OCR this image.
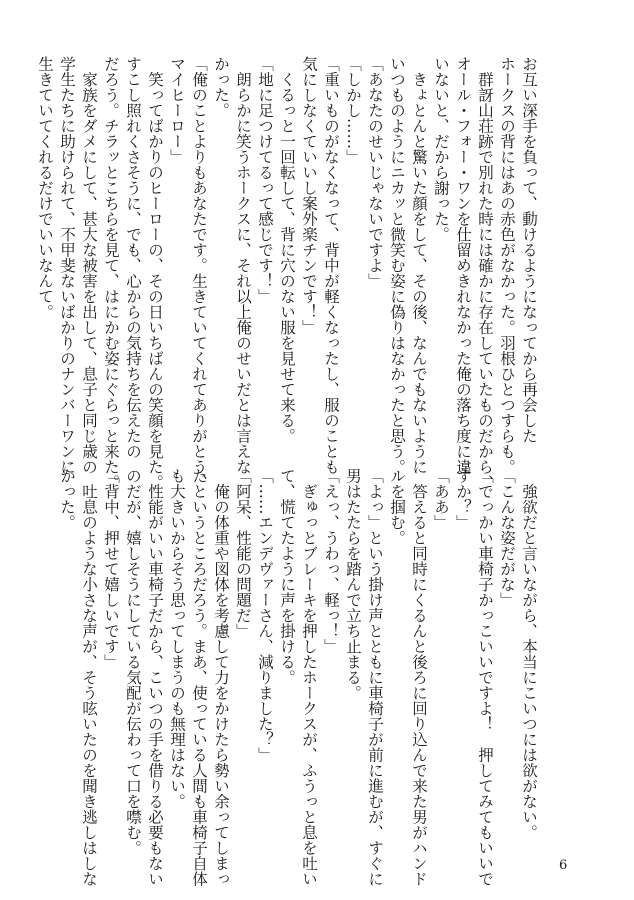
お互い深手を負って、動けるようになってから再会した
ホークスの背にはあの赤色がなかった。羽根ひとつすらも。
　群訝山荘跡で別れた時には確かに存在していたものだから、
オール・フォー・ワンを仕留めきれなかった俺の落ち度に違
いないと、だから謝った。
　きょとんと驚いた顔をして、その後、なんでもないように
いつものようにニカッと微笑む姿に偽りはなかったと思う。
「あなたのせいじゃないですよ」
「しかし……」
「重いものがなくなって、背中が軽くなったし、服のことも
気にしなくていいし案外楽チンです！」
　くるっと一回転して、背に穴のない服を見せて来る。
「地に足つけてるって感じです！」
　朗らかに笑うホークスに、それ以上俺のせいだとは言えな
かった。
「俺のことよりもあなたです。生きていてくれてありがとう、
マイヒーロー」
　笑ってばかりのヒーローの、その日いちばんの笑顔を見た。
すこし照れくさそうに、でも、心からの気持ちを伝えたの
だろう。チラッとこちらを見て、はにかむ姿にぐらっと来た。
　家族をダメにして、甚大な被害を出して、息子と同じ歳の
学生たちに助けられて、不甲斐ないばかりのナンバーワンに
生きていてくれるだけでいいなんて。
　強欲だと言いながら、本当にこいつには欲がない。
「こんな姿だがな」
「でっかい車椅子かっこいいですよ！　押してみてもいいで
すか？」
「ああ」
　答えると同時にくるんと後ろに回り込んで来た男がハンド
ルを掴む。
「よっ」という掛け声とともに車椅子が前に進むが、すぐに
男はたたらを踏んで立ち止まる。
「えっ、うわっ、軽っ！」
　ぎゅっとブレーキを押したホークスが、ふうっと息を吐い
て、慌てたように声を掛ける。
「……エンデヴァーさん、減りました？」
「阿呆、性能の問題だ」
　俺の体重や図体を考慮して力をかけたら勢い余ってしまっ
たというところだろう。まあ、使っている人間も車椅子自体
も大きいからそう思ってしまうのも無理はない。
　性能がいい車椅子だから、こいつの手を借りる必要もない
のだが、嬉しそうにしている気配が伝わって口を噤む。
「背中、押せて嬉しいです」
　吐息のような小さな声が、そう呟いたのを聞き逃しはしな
かった。
6
